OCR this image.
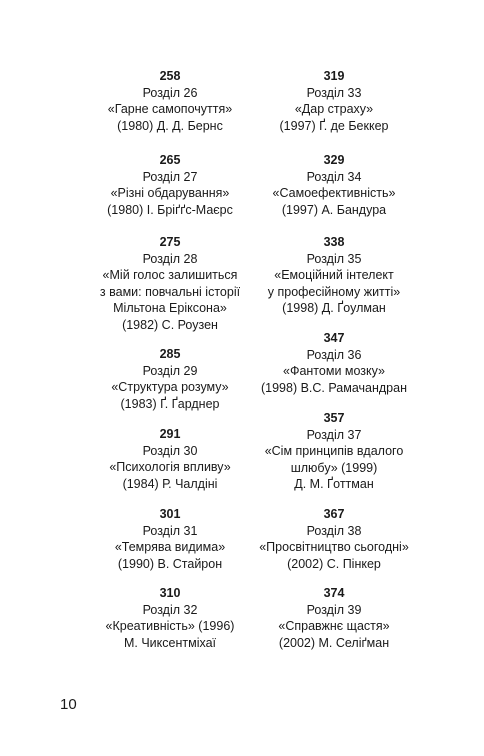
258
Розділ 26
«Гарне самопочуття»
(1980) Д. Д. Бернс
265
Розділ 27
«Різні обдарування»
(1980) І. Бріґґс-Маєрс
275
Розділ 28
«Мій голос залишиться
з вами: повчальні історії
Мільтона Еріксона»
(1982) С. Роузен
285
Розділ 29
«Структура розуму»
(1983) Ґ. Ґарднер
291
Розділ 30
«Психологія впливу»
(1984) Р. Чалдіні
301
Розділ 31
«Темрява видима»
(1990) В. Стайрон
310
Розділ 32
«Креативність» (1996)
М. Чиксентміхаї
319
Розділ 33
«Дар страху»
(1997) Ґ. де Беккер
329
Розділ 34
«Самоефективність»
(1997) А. Бандура
338
Розділ 35
«Емоційний інтелект
у професійному житті»
(1998) Д. Ґоулман
347
Розділ 36
«Фантоми мозку»
(1998) В.С. Рамачандран
357
Розділ 37
«Сім принципів вдалого
шлюбу» (1999)
Д. М. Ґоттман
367
Розділ 38
«Просвітництво сьогодні»
(2002) С. Пінкер
374
Розділ 39
«Справжнє щастя»
(2002) М. Селіґман
10
